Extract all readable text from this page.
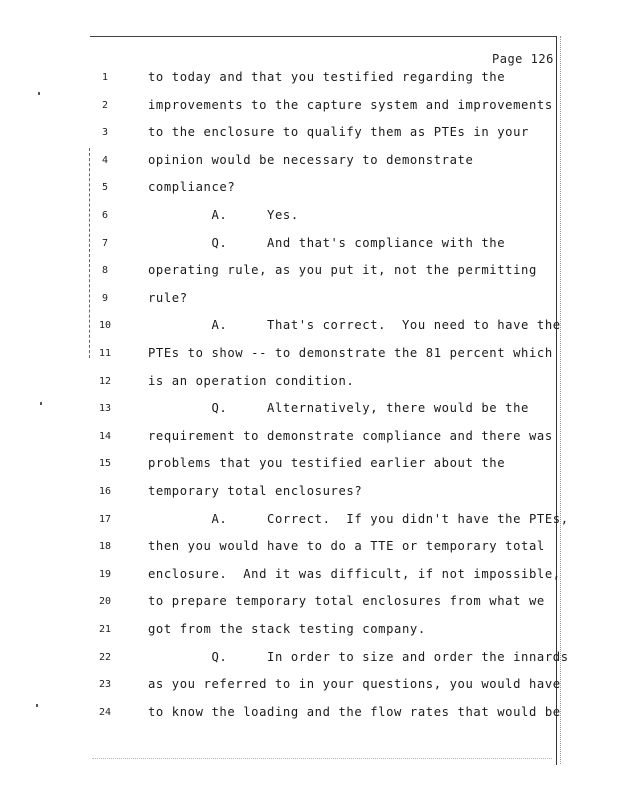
Page 126
1	to today and that you testified regarding the
2	improvements to the capture system and improvements
3	to the enclosure to qualify them as PTEs in your
4	opinion would be necessary to demonstrate
5	compliance?
6	A.     Yes.
7	Q.     And that's compliance with the
8	operating rule, as you put it, not the permitting
9	rule?
10	A.     That's correct.  You need to have the
11	PTEs to show -- to demonstrate the 81 percent which
12	is an operation condition.
13	Q.     Alternatively, there would be the
14	requirement to demonstrate compliance and there was
15	problems that you testified earlier about the
16	temporary total enclosures?
17	A.     Correct.  If you didn't have the PTEs,
18	then you would have to do a TTE or temporary total
19	enclosure.  And it was difficult, if not impossible,
20	to prepare temporary total enclosures from what we
21	got from the stack testing company.
22	Q.     In order to size and order the innards
23	as you referred to in your questions, you would have
24	to know the loading and the flow rates that would be
